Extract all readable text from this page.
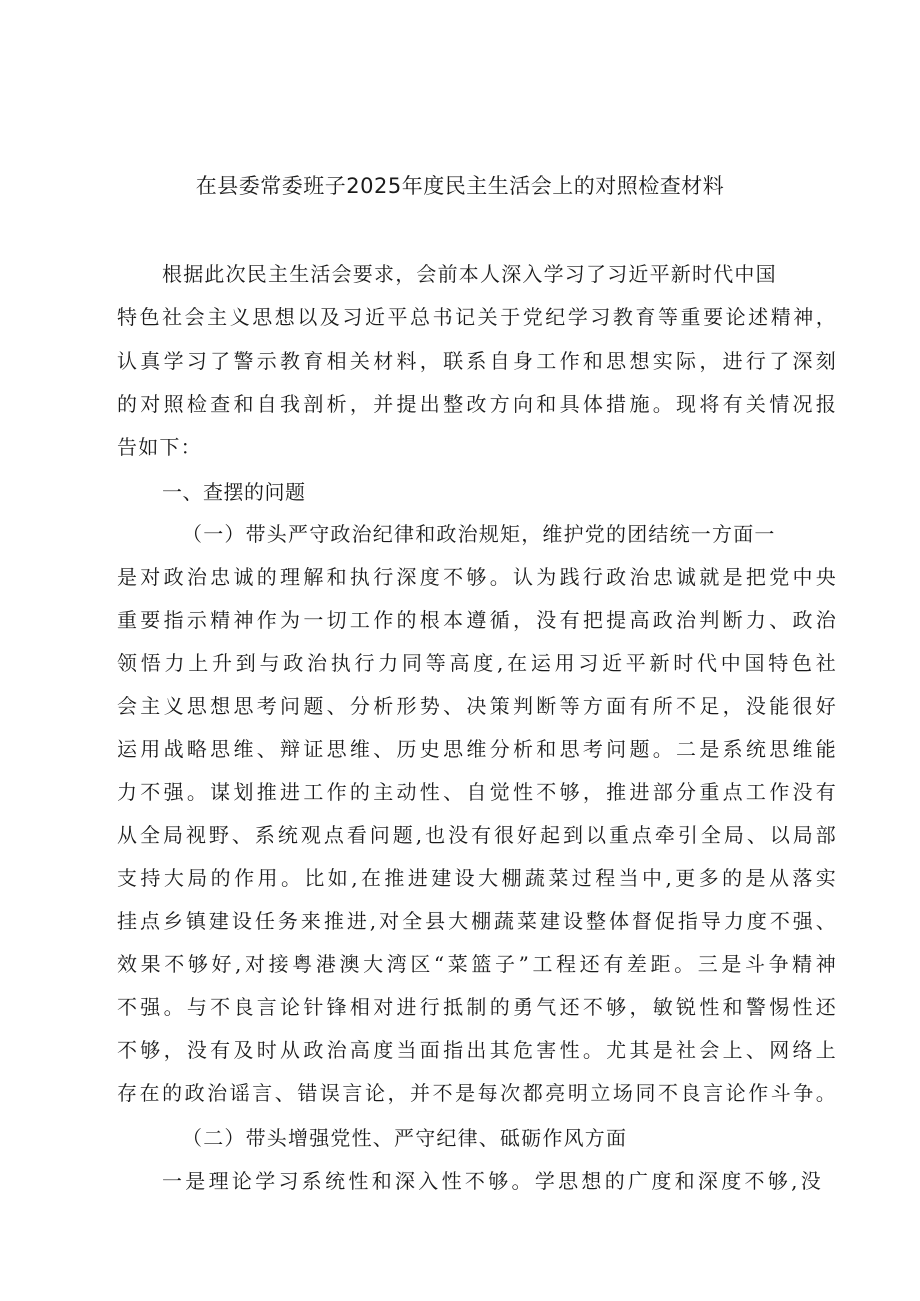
在县委常委班子2025年度民主生活会上的对照检查材料

根据此次民主生活会要求，会前本人深入学习了习近平新时代中国

特色社会主义思想以及习近平总书记关于党纪学习教育等重要论述精神，

认真学习了警示教育相关材料，联系自身工作和思想实际，进行了深刻

的对照检查和自我剖析，并提出整改方向和具体措施。现将有关情况报

告如下：

一、查摆的问题

（一）带头严守政治纪律和政治规矩，维护党的团结统一方面一

是对政治忠诚的理解和执行深度不够。认为践行政治忠诚就是把党中央

重要指示精神作为一切工作的根本遵循，没有把提高政治判断力、政治

领悟力上升到与政治执行力同等高度,在运用习近平新时代中国特色社

会主义思想思考问题、分析形势、决策判断等方面有所不足，没能很好

运用战略思维、辩证思维、历史思维分析和思考问题。二是系统思维能

力不强。谋划推进工作的主动性、自觉性不够，推进部分重点工作没有

从全局视野、系统观点看问题,也没有很好起到以重点牵引全局、以局部

支持大局的作用。比如,在推进建设大棚蔬菜过程当中,更多的是从落实

挂点乡镇建设任务来推进,对全县大棚蔬菜建设整体督促指导力度不强、

效果不够好,对接粤港澳大湾区“菜篮子”工程还有差距。三是斗争精神

不强。与不良言论针锋相对进行抵制的勇气还不够，敏锐性和警惕性还

不够，没有及时从政治高度当面指出其危害性。尤其是社会上、网络上

存在的政治谣言、错误言论，并不是每次都亮明立场同不良言论作斗争。

（二）带头增强党性、严守纪律、砥砺作风方面

一是理论学习系统性和深入性不够。学思想的广度和深度不够,没
